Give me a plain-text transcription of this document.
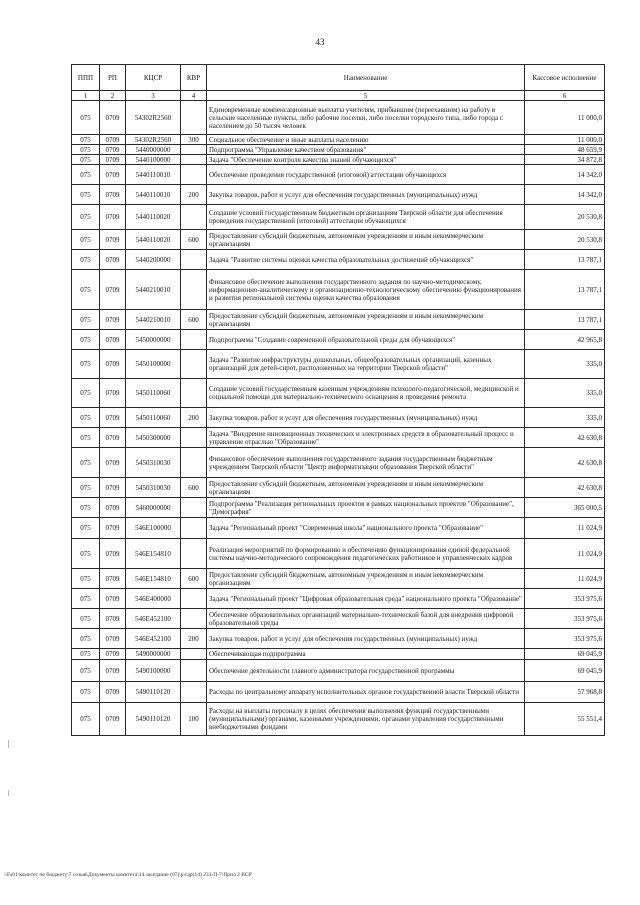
43
ППП	РП	КЦСР	КВР	Наименование	Кассовое исполнение
1	2	3	4	5	6
075	0709	54302R2560		Единовременные компенсационные выплаты учителям, прибывшим (переехавшим) на работу в сельские населенные пункты, либо рабочие поселки, либо поселки городского типа, либо города с населением до 50 тысяч человек	11 000,0
075	0709	54302R2560	300	Социальное обеспечение и иные выплаты населению	11 000,0
075	0709	5440000000		Подпрограмма "Управление качеством образования"	48 659,9
075	0709	5440100000		Задача "Обеспечение контроля качества знаний обучающихся"	34 872,8
075	0709	5440110010		Обеспечение проведения государственной (итоговой) аттестации обучающихся	14 342,0
075	0709	5440110010	200	Закупка товаров, работ и услуг для обеспечения государственных (муниципальных) нужд	14 342,0
075	0709	5440110020		Создание условий государственным бюджетным организациям Тверской области для обеспечения проведения государственной (итоговой) аттестации обучающихся	20 530,8
075	0709	5440110020	600	Предоставление субсидий бюджетным, автономным учреждениям и иным некоммерческим организациям	20 530,8
075	0709	5440200000		Задача "Развитие системы оценки качества образовательных достижений обучающихся"	13 787,1
075	0709	5440210010		Финансовое обеспечение выполнения государственного задания по научно-методическому, информационно-аналитическому и организационно-технологическому обеспечению функционирования и развития региональной системы оценки качества образования	13 787,1
075	0709	5440210010	600	Предоставление субсидий бюджетным, автономным учреждениям и иным некоммерческим организациям	13 787,1
075	0709	5450000000		Подпрограмма "Создание современной образовательной среды для обучающихся"	42 965,8
075	0709	5450100000		Задача "Развитие инфраструктуры дошкольных, общеобразовательных организаций, казенных организаций для детей-сирот, расположенных на территории Тверской области"	335,0
075	0709	5450110060		Создание условий государственным казенным учреждениям психолого-педагогической, медицинской и социальной помощи для материально-технического оснащения и проведения ремонта	335,0
075	0709	5450110060	200	Закупка товаров, работ и услуг для обеспечения государственных (муниципальных) нужд	335,0
075	0709	5450300000		Задача "Внедрение инновационных технических и электронных средств в образовательный процесс и управление отраслью "Образование"	42 630,8
075	0709	5450310030		Финансовое обеспечение выполнения государственного задания государственным бюджетным учреждением Тверской области "Центр информатизации образования Тверской области"	42 630,8
075	0709	5450310030	600	Предоставление субсидий бюджетным, автономным учреждениям и иным некоммерческим организациям	42 630,8
075	0709	5460000000		Подпрограмма "Реализация региональных проектов в рамках национальных проектов "Образование", "Демография"	365 000,5
075	0709	546E100000		Задача "Региональный проект "Современная школа" национального проекта "Образование"	11 024,9
075	0709	546E154810		Реализация мероприятий по формированию и обеспечению функционирования единой федеральной системы научно-методического сопровождения педагогических работников и управленческих кадров	11 024,9
075	0709	546E154810	600	Предоставление субсидий бюджетным, автономным учреждениям и иным некоммерческим организациям	11 024,9
075	0709	546E400000		Задача "Региональный проект "Цифровая образовательная среда" национального проекта "Образование"	353 975,6
075	0709	546E452100		Обеспечение образовательных организаций материально-технической базой для внедрения цифровой образовательной среды	353 975,6
075	0709	546E452100	200	Закупка товаров, работ и услуг для обеспечения государственных (муниципальных) нужд	353 975,6
075	0709	5490000000		Обеспечивающая подпрограмма	69 045,9
075	0709	5490100000		Обеспечение деятельности главного администратора государственной программы	69 045,9
075	0709	5490110120		Расходы по центральному аппарату исполнительных органов государственной власти Тверской области	57 968,8
075	0709	5490110120	100	Расходы на выплаты персоналу в целях обеспечения выполнения функций государственными (муниципальными) органами, казенными учреждениями, органами управления государственными внебюджетными фондами	55 551,4
\\Fs01\комитет по бюджету\7 созыв\Документы комитета\14 заседание (07)\р\гдр(14) 233-П-7\Прил 2 ВСР
